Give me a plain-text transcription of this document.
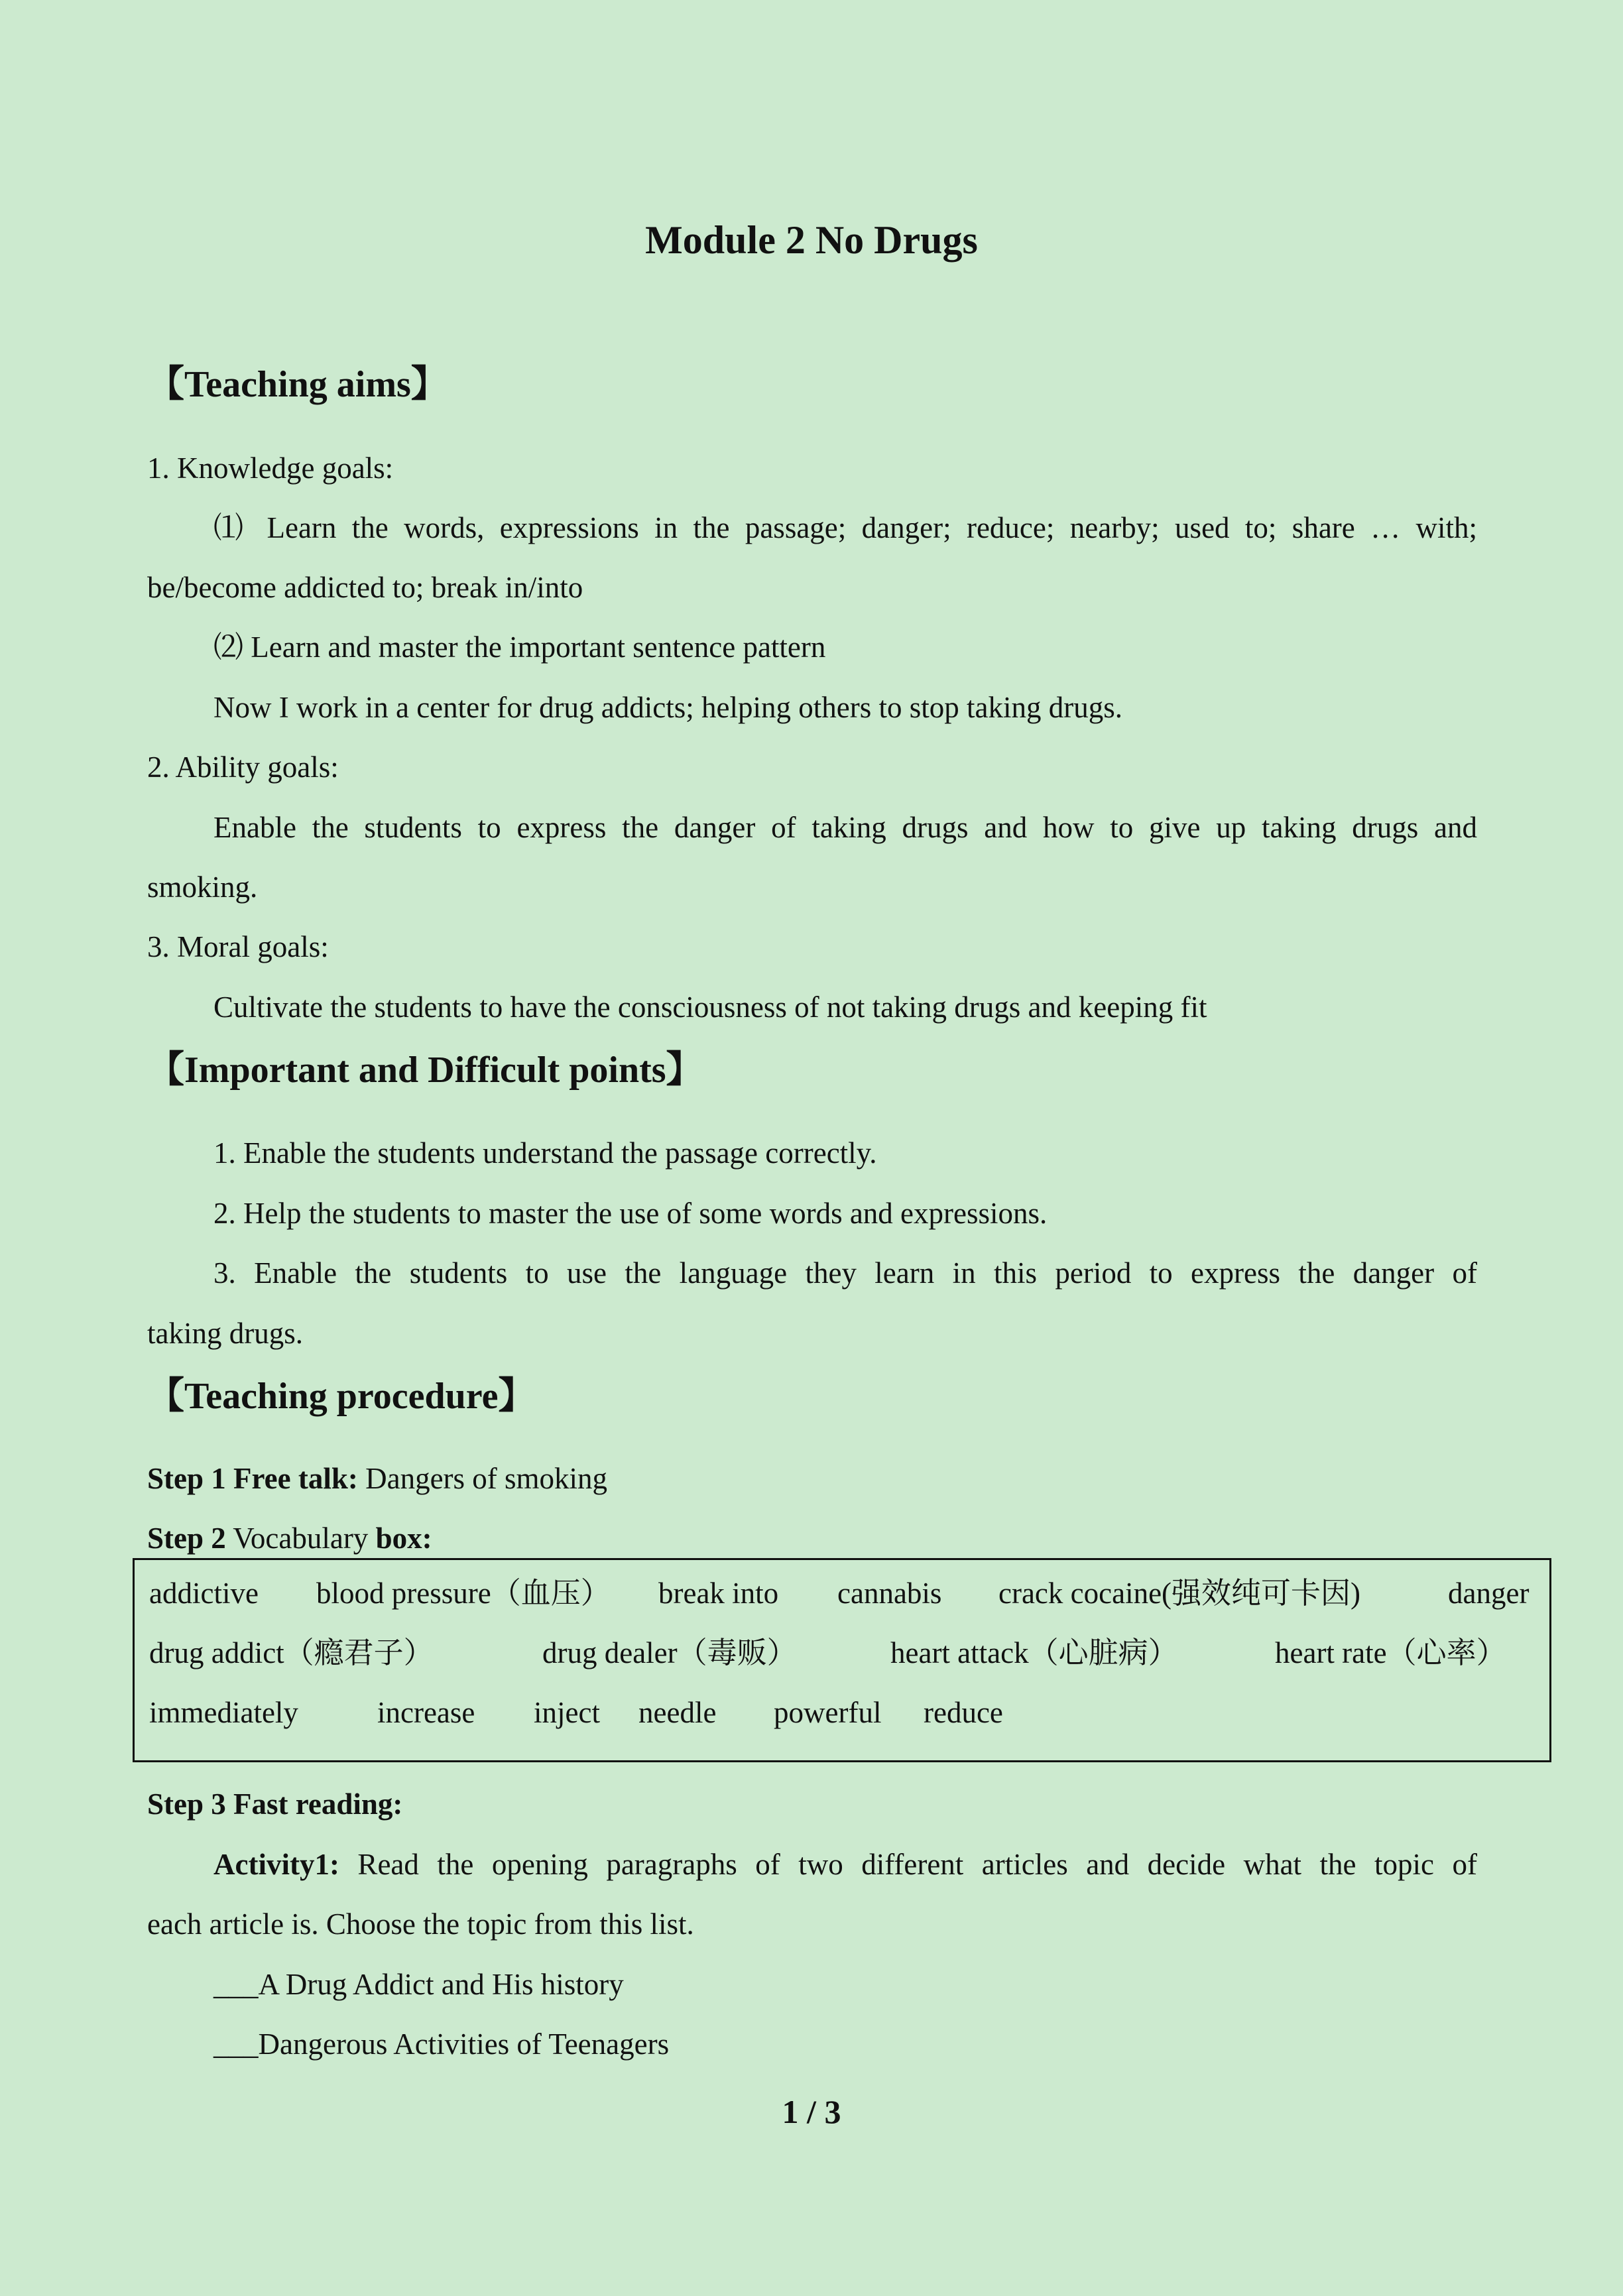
Module 2 No Drugs
【Teaching aims】
1. Knowledge goals:
⑴ Learn the words, expressions in the passage; danger; reduce; nearby; used to; share … with;
be/become addicted to; break in/into
⑵ Learn and master the important sentence pattern
Now I work in a center for drug addicts; helping others to stop taking drugs.
2. Ability goals:
Enable the students to express the danger of taking drugs and how to give up taking drugs and
smoking.
3. Moral goals:
Cultivate the students to have the consciousness of not taking drugs and keeping fit
【Important and Difficult points】
1. Enable the students understand the passage correctly.
2. Help the students to master the use of some words and expressions.
3. Enable the students to use the language they learn in this period to express the danger of
taking drugs.
【Teaching procedure】
Step 1 Free talk: Dangers of smoking
Step 2 Vocabulary box:
addictive blood pressure（血压） break into cannabis crack cocaine(强效纯可卡因)	danger
drug addict（瘾君子）	drug dealer（毒贩）	heart attack（心脏病）	heart rate（心率）
immediately	increase inject needle powerful reduce
Step 3 Fast reading:
Activity1: Read the opening paragraphs of two different articles and decide what the topic of
each article is. Choose the topic from this list.
___A Drug Addict and His history
___Dangerous Activities of Teenagers
1 / 3
